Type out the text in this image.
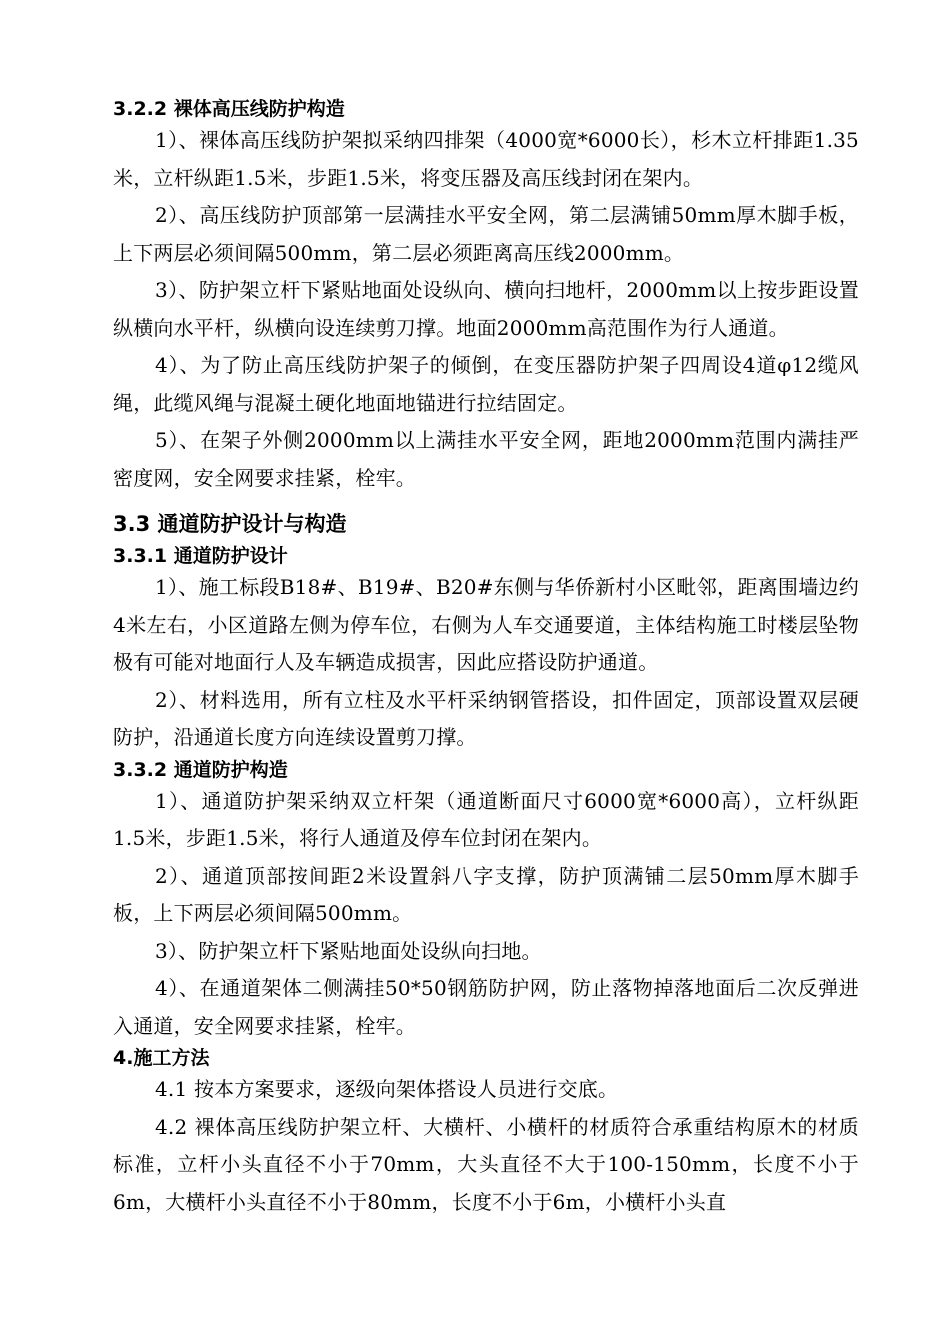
3.2.2 裸体高压线防护构造

1）、裸体高压线防护架拟采纳四排架（4000宽*6000长），杉木立杆排距1.35米，立杆纵距1.5米，步距1.5米，将变压器及高压线封闭在架内。

2）、高压线防护顶部第一层满挂水平安全网，第二层满铺50mm厚木脚手板，上下两层必须间隔500mm，第二层必须距离高压线2000mm。

3）、防护架立杆下紧贴地面处设纵向、横向扫地杆，2000mm以上按步距设置纵横向水平杆，纵横向设连续剪刀撑。地面2000mm高范围作为行人通道。

4）、为了防止高压线防护架子的倾倒，在变压器防护架子四周设4道φ12缆风绳，此缆风绳与混凝土硬化地面地锚进行拉结固定。

5）、在架子外侧2000mm以上满挂水平安全网，距地2000mm范围内满挂严密度网，安全网要求挂紧，栓牢。

3.3 通道防护设计与构造
3.3.1 通道防护设计

1）、施工标段B18#、B19#、B20#东侧与华侨新村小区毗邻，距离围墙边约4米左右，小区道路左侧为停车位，右侧为人车交通要道，主体结构施工时楼层坠物极有可能对地面行人及车辆造成损害，因此应搭设防护通道。

2）、材料选用，所有立柱及水平杆采纳钢管搭设，扣件固定，顶部设置双层硬防护，沿通道长度方向连续设置剪刀撑。

3.3.2 通道防护构造

1）、通道防护架采纳双立杆架（通道断面尺寸6000宽*6000高），立杆纵距1.5米，步距1.5米，将行人通道及停车位封闭在架内。

2）、通道顶部按间距2米设置斜八字支撑，防护顶满铺二层50mm厚木脚手板，上下两层必须间隔500mm。

3）、防护架立杆下紧贴地面处设纵向扫地。

4）、在通道架体二侧满挂50*50钢筋防护网，防止落物掉落地面后二次反弹进入通道，安全网要求挂紧，栓牢。

4.施工方法

4.1 按本方案要求，逐级向架体搭设人员进行交底。

4.2 裸体高压线防护架立杆、大横杆、小横杆的材质符合承重结构原木的材质标准，立杆小头直径不小于70mm，大头直径不大于100-150mm，长度不小于6m，大横杆小头直径不小于80mm，长度不小于6m，小横杆小头直
